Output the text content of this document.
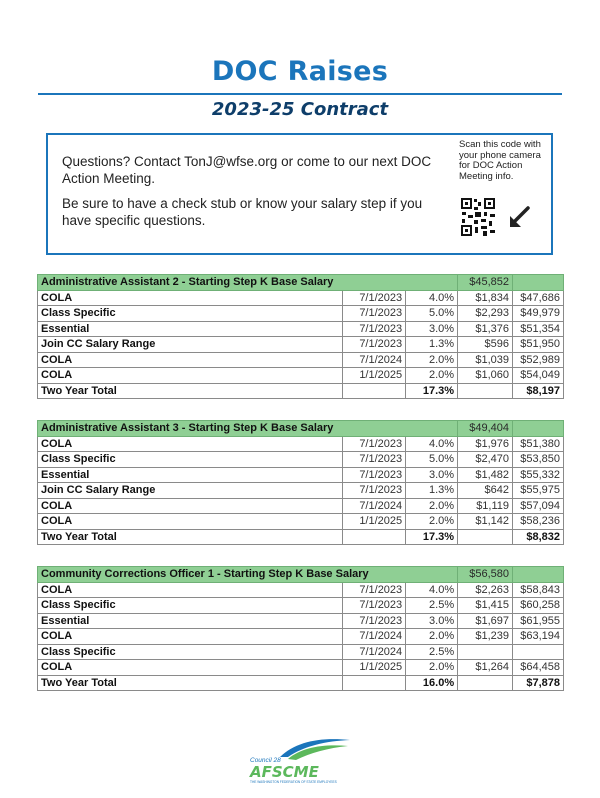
DOC Raises
2023-25 Contract

Questions? Contact TonJ@wfse.org or come to our next DOC Action Meeting.

Be sure to have a check stub or know your salary step if you have specific questions.

Scan this code with your phone camera for DOC Action Meeting info.
Administrative Assistant 2 - Starting Step K Base Salary			$45,852	
COLA	7/1/2023	4.0%	$1,834	$47,686
Class Specific	7/1/2023	5.0%	$2,293	$49,979
Essential	7/1/2023	3.0%	$1,376	$51,354
Join CC Salary Range	7/1/2023	1.3%	$596	$51,950
COLA	7/1/2024	2.0%	$1,039	$52,989
COLA	1/1/2025	2.0%	$1,060	$54,049
Two Year Total		17.3%		$8,197
Administrative Assistant 3 - Starting Step K Base Salary			$49,404	
COLA	7/1/2023	4.0%	$1,976	$51,380
Class Specific	7/1/2023	5.0%	$2,470	$53,850
Essential	7/1/2023	3.0%	$1,482	$55,332
Join CC Salary Range	7/1/2023	1.3%	$642	$55,975
COLA	7/1/2024	2.0%	$1,119	$57,094
COLA	1/1/2025	2.0%	$1,142	$58,236
Two Year Total		17.3%		$8,832
Community Corrections Officer 1 - Starting Step K Base Salary			$56,580	
COLA	7/1/2023	4.0%	$2,263	$58,843
Class Specific	7/1/2023	2.5%	$1,415	$60,258
Essential	7/1/2023	3.0%	$1,697	$61,955
COLA	7/1/2024	2.0%	$1,239	$63,194
Class Specific	7/1/2024	2.5%		
COLA	1/1/2025	2.0%	$1,264	$64,458
Two Year Total		16.0%		$7,878
Council 28
AFSCME
THE WASHINGTON FEDERATION OF STATE EMPLOYEES
